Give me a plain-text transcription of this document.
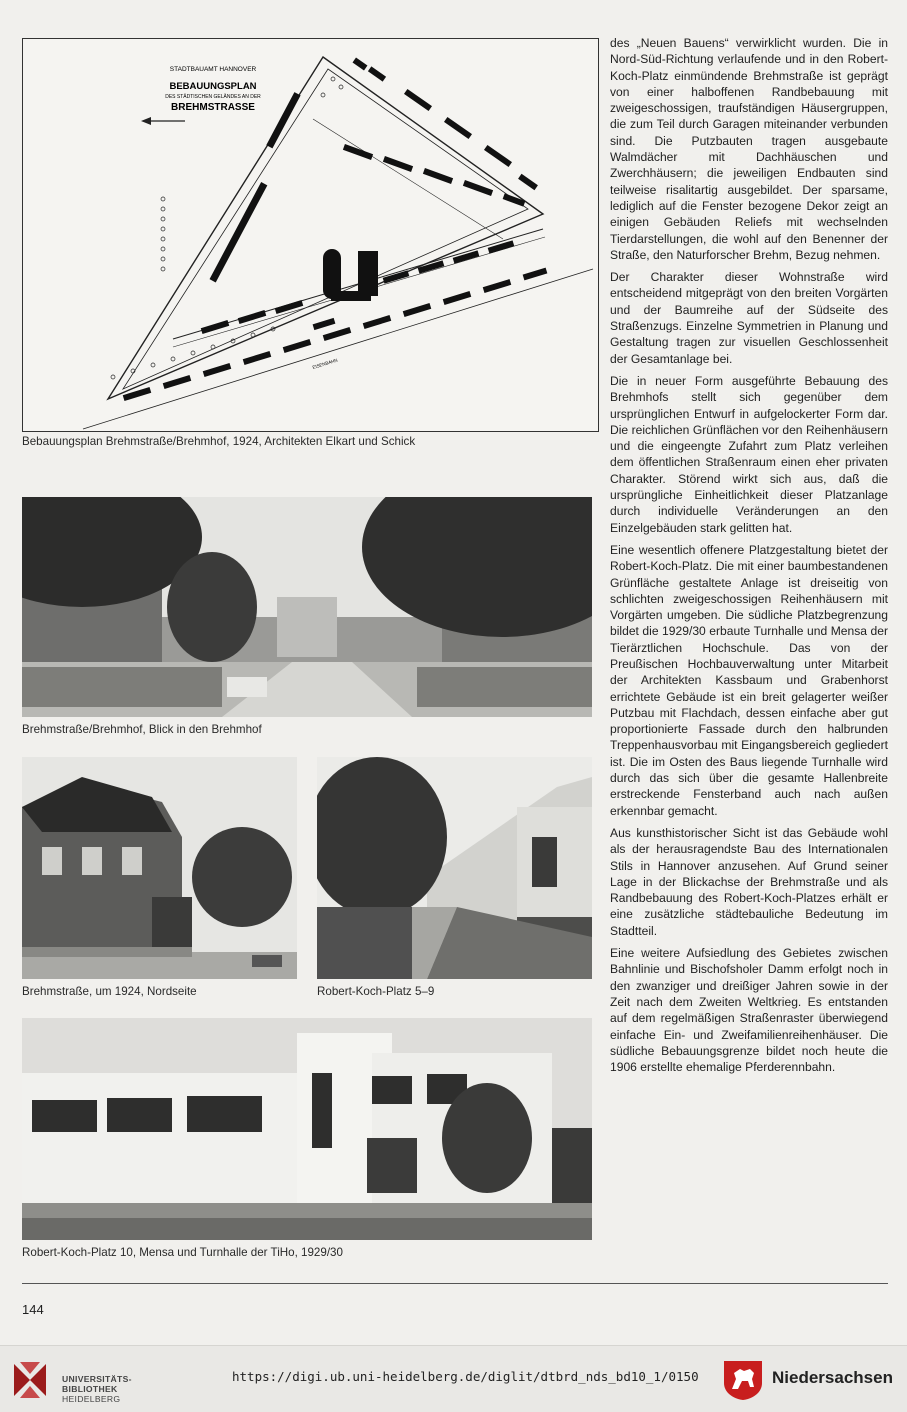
STADTBAUAMT HANNOVER
BEBAUUNGSPLAN
DES STÄDTISCHEN GELÄNDES AN DER
BREHMSTRASSE
EISENBAHN
Bebauungsplan Brehmstraße/Brehmhof, 1924, Architekten Elkart und Schick
Brehmstraße/Brehmhof, Blick in den Brehmhof
Brehmstraße, um 1924, Nordseite	Robert-Koch-Platz 5–9
Robert-Koch-Platz 10, Mensa und Turnhalle der TiHo, 1929/30

des „Neuen Bauens“ verwirklicht wurden. Die in Nord-Süd-Richtung verlaufende und in den Robert-Koch-Platz einmündende Brehmstraße ist geprägt von einer halboffenen Randbebauung mit zweigeschossigen, traufständigen Häusergruppen, die zum Teil durch Garagen miteinander verbunden sind. Die Putzbauten tragen ausgebaute Walmdächer mit Dachhäuschen und Zwerchhäusern; die jeweiligen Endbauten sind teilweise risalitartig ausgebildet. Der sparsame, lediglich auf die Fenster bezogene Dekor zeigt an einigen Gebäuden Reliefs mit wechselnden Tierdarstellungen, die wohl auf den Benenner der Straße, den Naturforscher Brehm, Bezug nehmen.

Der Charakter dieser Wohnstraße wird entscheidend mitgeprägt von den breiten Vorgärten und der Baumreihe auf der Südseite des Straßenzugs. Einzelne Symmetrien in Planung und Gestaltung tragen zur visuellen Geschlossenheit der Gesamtanlage bei.

Die in neuer Form ausgeführte Bebauung des Brehmhofs stellt sich gegenüber dem ursprünglichen Entwurf in aufgelockerter Form dar. Die reichlichen Grünflächen vor den Reihenhäusern und die eingeengte Zufahrt zum Platz verleihen dem öffentlichen Straßenraum einen eher privaten Charakter. Störend wirkt sich aus, daß die ursprüngliche Einheitlichkeit dieser Platzanlage durch individuelle Veränderungen an den Einzelgebäuden stark gelitten hat.

Eine wesentlich offenere Platzgestaltung bietet der Robert-Koch-Platz. Die mit einer baumbestandenen Grünfläche gestaltete Anlage ist dreiseitig von schlichten zweigeschossigen Reihenhäusern mit Vorgärten umgeben. Die südliche Platzbegrenzung bildet die 1929/30 erbaute Turnhalle und Mensa der Tierärztlichen Hochschule. Das von der Preußischen Hochbauverwaltung unter Mitarbeit der Architekten Kassbaum und Grabenhorst errichtete Gebäude ist ein breit gelagerter weißer Putzbau mit Flachdach, dessen einfache aber gut proportionierte Fassade durch den halbrunden Treppenhausvorbau mit Eingangsbereich gegliedert ist. Die im Osten des Baus liegende Turnhalle wird durch das sich über die gesamte Hallenbreite erstreckende Fensterband auch nach außen erkennbar gemacht.

Aus kunsthistorischer Sicht ist das Gebäude wohl als der herausragendste Bau des Internationalen Stils in Hannover anzusehen. Auf Grund seiner Lage in der Blickachse der Brehmstraße und als Randbebauung des Robert-Koch-Platzes erhält er eine zusätzliche städtebauliche Bedeutung im Stadtteil.

Eine weitere Aufsiedlung des Gebietes zwischen Bahnlinie und Bischofsholer Damm erfolgt noch in den zwanziger und dreißiger Jahren sowie in der Zeit nach dem Zweiten Weltkrieg. Es entstanden auf dem regelmäßigen Straßenraster überwiegend einfache Ein- und Zweifamilienreihenhäuser. Die südliche Bebauungsgrenze bildet noch heute die 1906 erstellte ehemalige Pferderennbahn.

144
UNIVERSITÄTS-
BIBLIOTHEK
HEIDELBERG
https://digi.ub.uni-heidelberg.de/diglit/dtbrd_nds_bd10_1/0150	Niedersachsen
